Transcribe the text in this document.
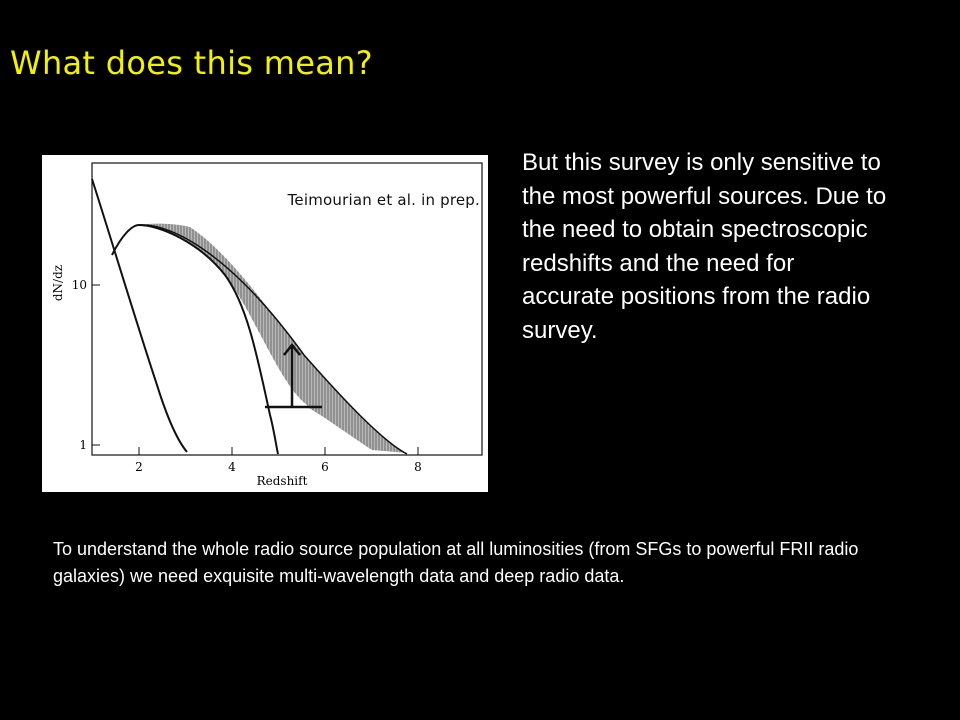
What does this mean?
2	4	6	8
10
1
Redshift
dN/dz
Teimourian et al. in prep.

But this survey is only sensitive to the most powerful sources. Due to the need to obtain spectroscopic redshifts and the need for accurate positions from the radio survey.

To understand the whole radio source population at all luminosities (from SFGs to powerful FRII radio galaxies) we need exquisite multi-wavelength data and deep radio data.
